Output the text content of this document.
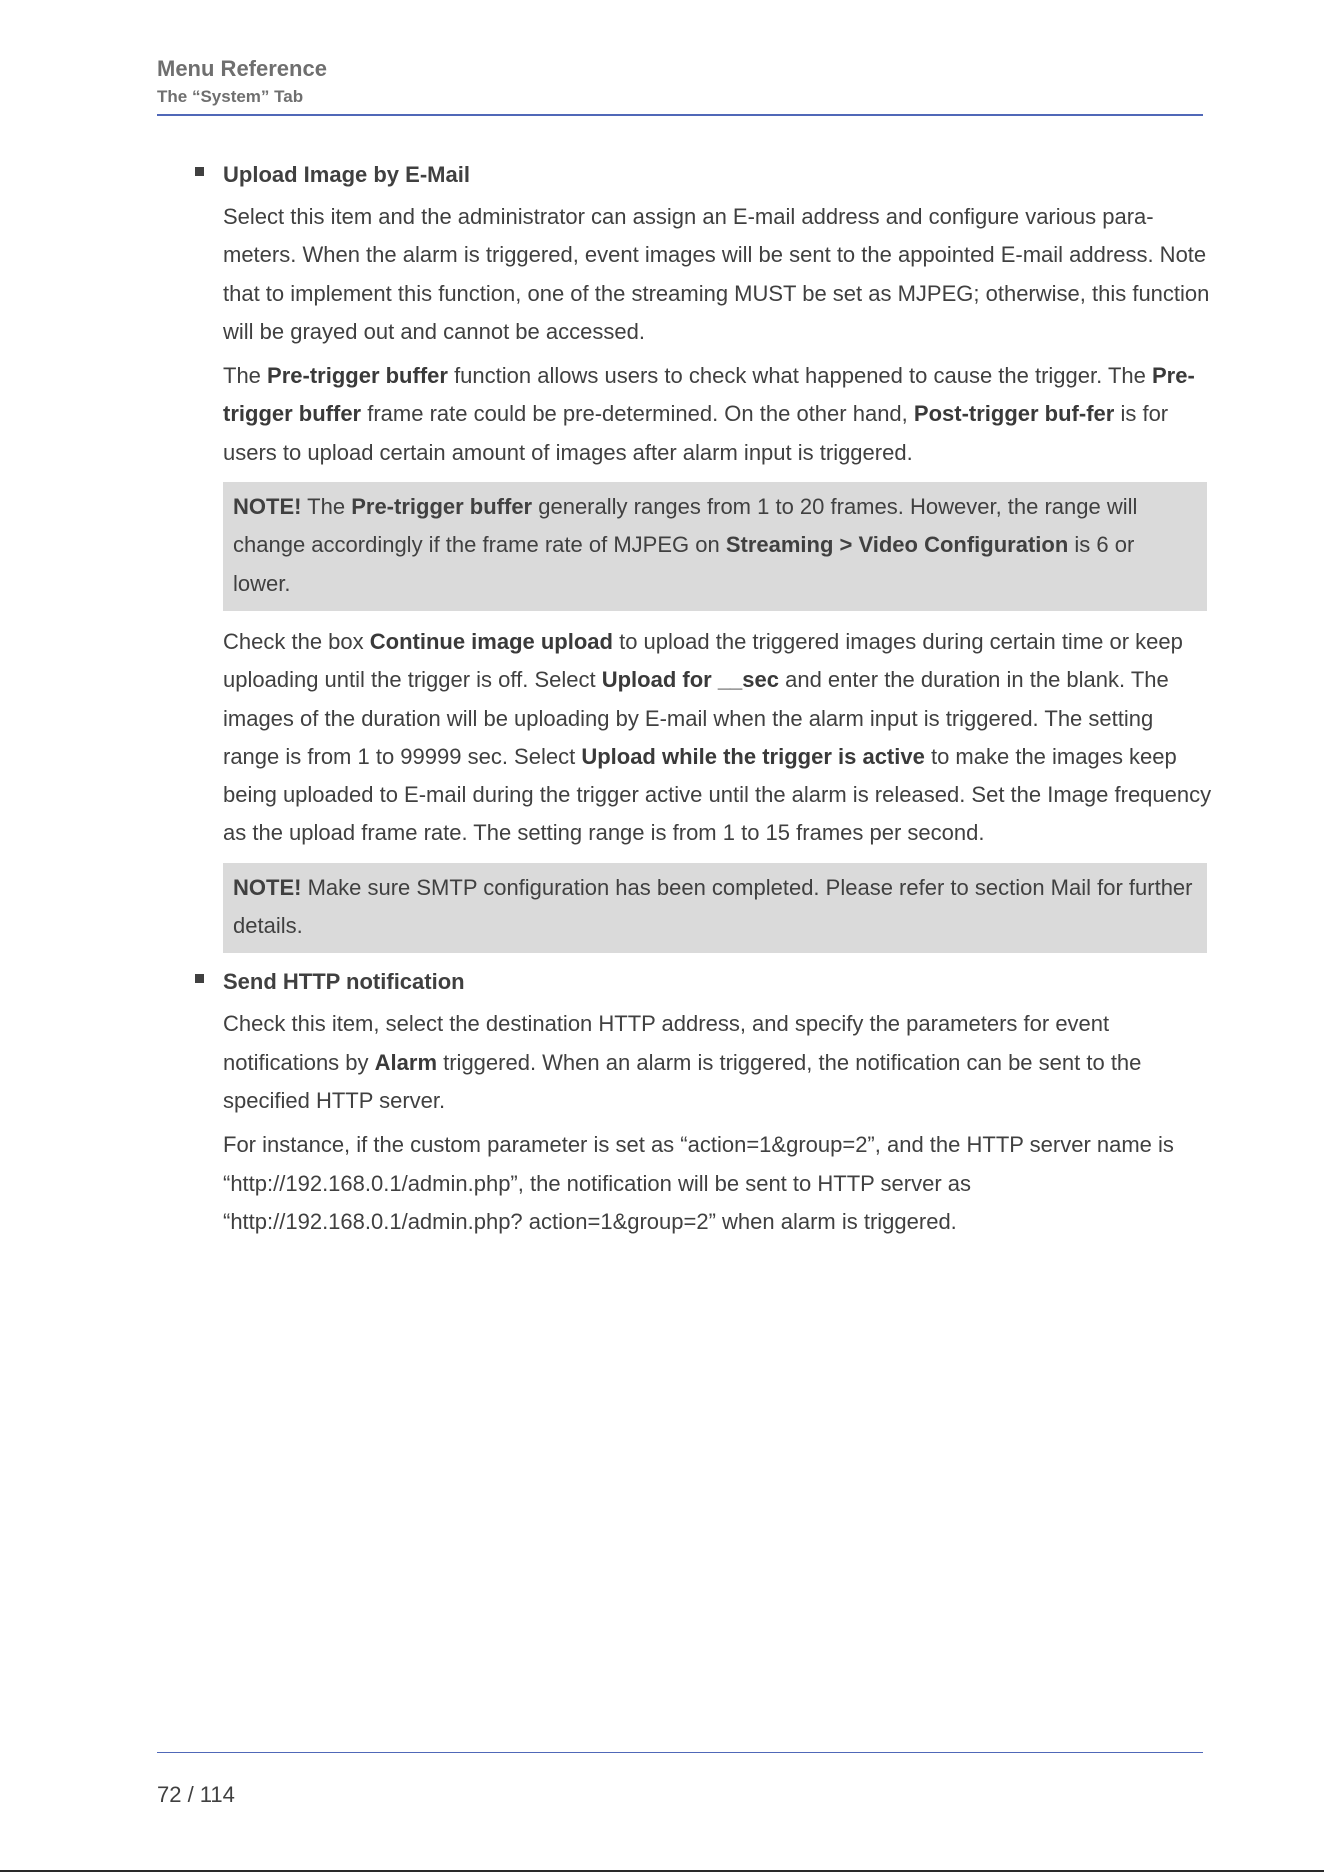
Menu Reference
The “System” Tab
Upload Image by E-Mail

Select this item and the administrator can assign an E-mail address and configure various para-meters. When the alarm is triggered, event images will be sent to the appointed E-mail address. Note that to implement this function, one of the streaming MUST be set as MJPEG; otherwise, this function will be grayed out and cannot be accessed.

The Pre-trigger buffer function allows users to check what happened to cause the trigger. The Pre-trigger buffer frame rate could be pre-determined. On the other hand, Post-trigger buf-fer is for users to upload certain amount of images after alarm input is triggered.

NOTE! The Pre-trigger buffer generally ranges from 1 to 20 frames. However, the range will change accordingly if the frame rate of MJPEG on Streaming > Video Configuration is 6 or lower.

Check the box Continue image upload to upload the triggered images during certain time or keep uploading until the trigger is off. Select Upload for __sec and enter the duration in the blank. The images of the duration will be uploading by E-mail when the alarm input is triggered. The setting range is from 1 to 99999 sec. Select Upload while the trigger is active to make the images keep being uploaded to E-mail during the trigger active until the alarm is released. Set the Image frequency as the upload frame rate. The setting range is from 1 to 15 frames per second.

NOTE! Make sure SMTP configuration has been completed. Please refer to section Mail for further details.
Send HTTP notification

Check this item, select the destination HTTP address, and specify the parameters for event notifications by Alarm triggered. When an alarm is triggered, the notification can be sent to the specified HTTP server.

For instance, if the custom parameter is set as “action=1&group=2”, and the HTTP server name is “http://192.168.0.1/admin.php”, the notification will be sent to HTTP server as “http://192.168.0.1/admin.php? action=1&group=2” when alarm is triggered.

72 / 114
